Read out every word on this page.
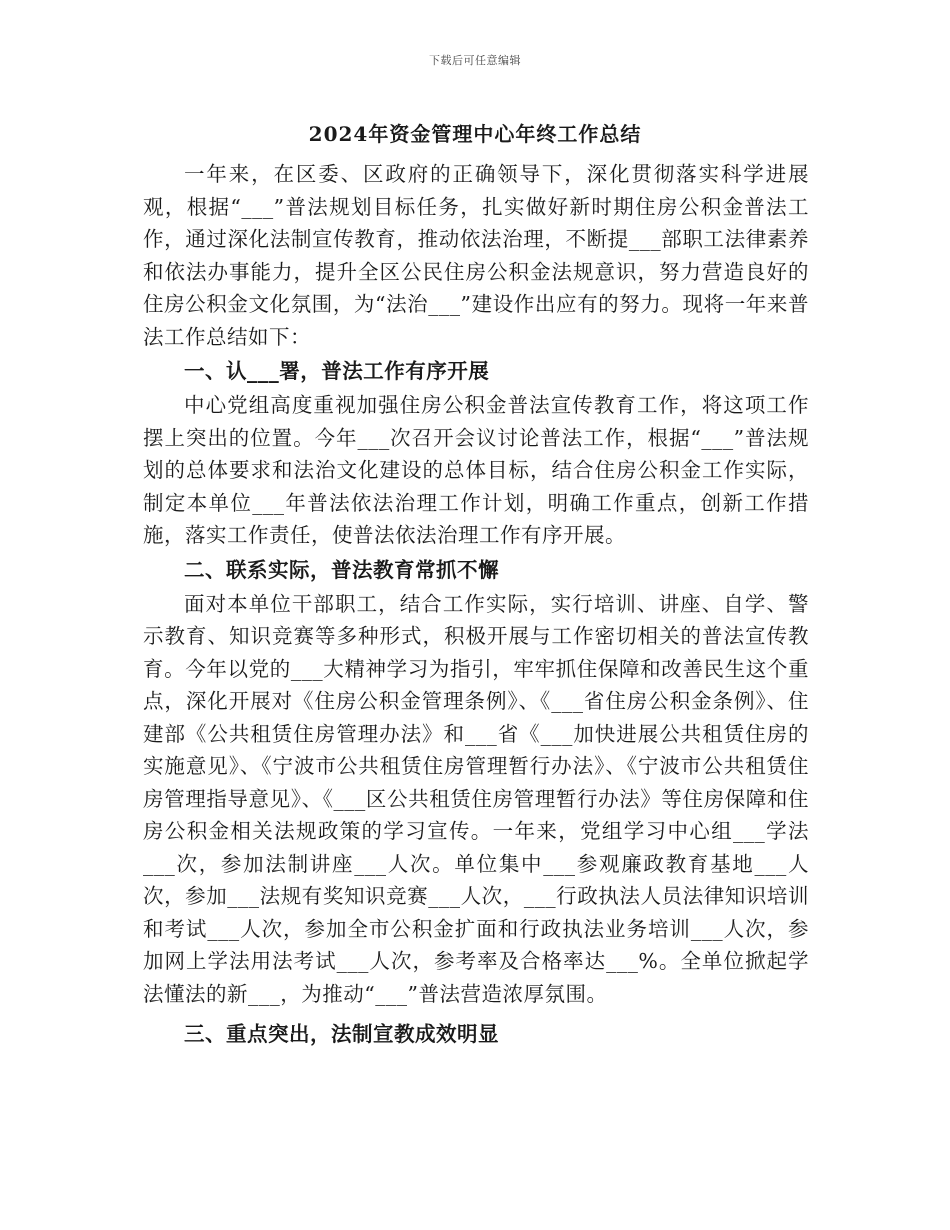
下载后可任意编辑
2024年资金管理中心年终工作总结

一年来，在区委、区政府的正确领导下，深化贯彻落实科学进展观，根据“___”普法规划目标任务，扎实做好新时期住房公积金普法工作，通过深化法制宣传教育，推动依法治理，不断提___部职工法律素养和依法办事能力，提升全区公民住房公积金法规意识，努力营造良好的住房公积金文化氛围，为“法治___”建设作出应有的努力。现将一年来普法工作总结如下：

一、认___署，普法工作有序开展

中心党组高度重视加强住房公积金普法宣传教育工作，将这项工作摆上突出的位置。今年___次召开会议讨论普法工作，根据“___”普法规划的总体要求和法治文化建设的总体目标，结合住房公积金工作实际，制定本单位___年普法依法治理工作计划，明确工作重点，创新工作措施，落实工作责任，使普法依法治理工作有序开展。

二、联系实际，普法教育常抓不懈

面对本单位干部职工，结合工作实际，实行培训、讲座、自学、警示教育、知识竞赛等多种形式，积极开展与工作密切相关的普法宣传教育。今年以党的___大精神学习为指引，牢牢抓住保障和改善民生这个重点，深化开展对《住房公积金管理条例》、《___省住房公积金条例》、住建部《公共租赁住房管理办法》和___省《___加快进展公共租赁住房的实施意见》、《宁波市公共租赁住房管理暂行办法》、《宁波市公共租赁住房管理指导意见》、《___区公共租赁住房管理暂行办法》等住房保障和住房公积金相关法规政策的学习宣传。一年来，党组学习中心组___学法___次，参加法制讲座___人次。单位集中___参观廉政教育基地___人次，参加___法规有奖知识竞赛___人次，___行政执法人员法律知识培训和考试___人次，参加全市公积金扩面和行政执法业务培训___人次，参加网上学法用法考试___人次，参考率及合格率达___%。全单位掀起学法懂法的新___，为推动“___”普法营造浓厚氛围。

三、重点突出，法制宣教成效明显
